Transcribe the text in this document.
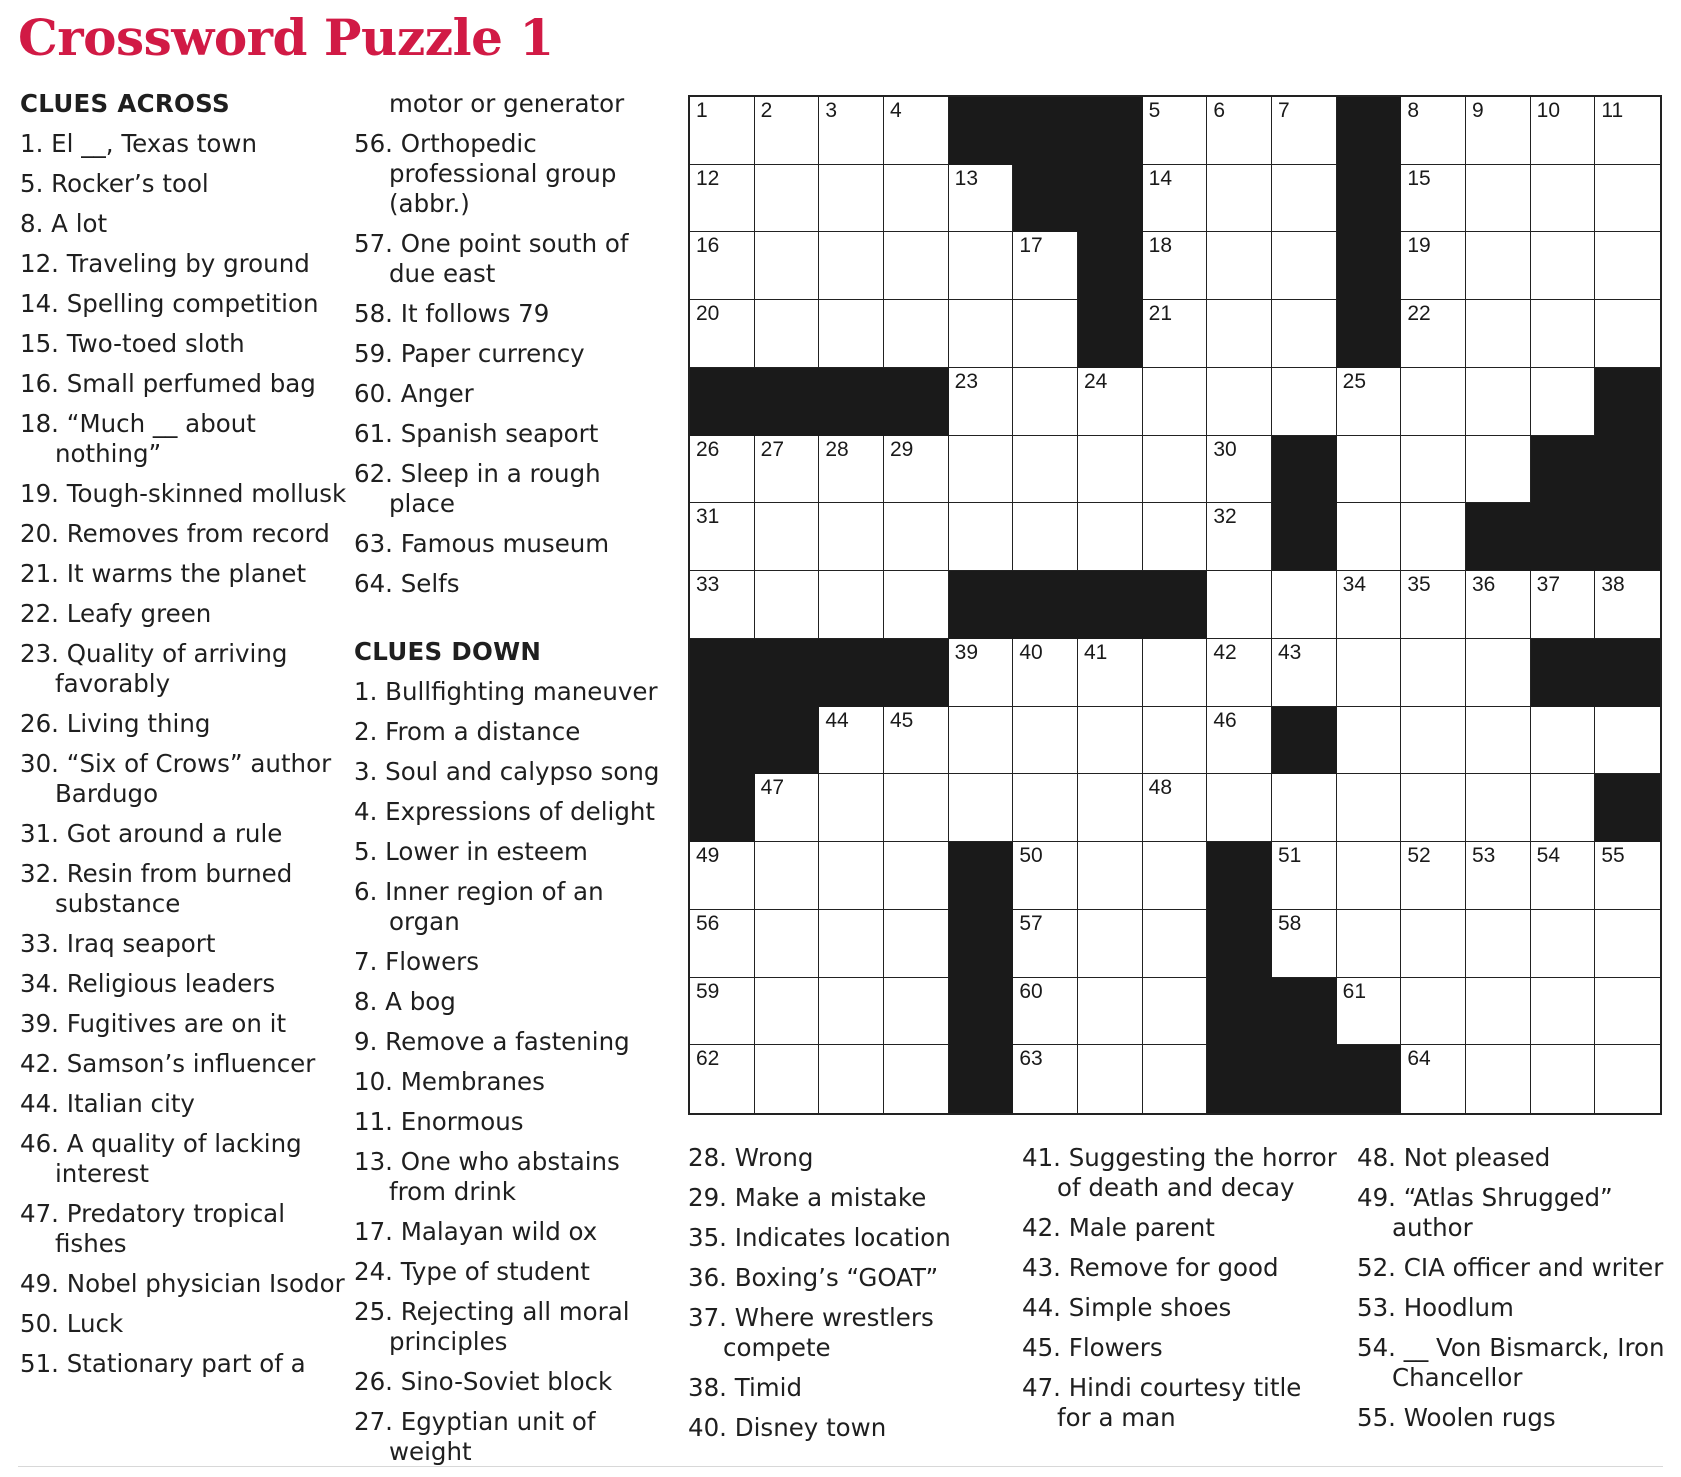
Crossword Puzzle 1
CLUES ACROSS
1. El __, Texas town
5. Rocker’s tool
8. A lot
12. Traveling by ground
14. Spelling competition
15. Two-toed sloth
16. Small perfumed bag
18. “Much __ about nothing”
19. Tough-skinned mollusk
20. Removes from record
21. It warms the planet
22. Leafy green
23. Quality of arriving favorably
26. Living thing
30. “Six of Crows” author Bardugo
31. Got around a rule
32. Resin from burned substance
33. Iraq seaport
34. Religious leaders
39. Fugitives are on it
42. Samson’s influencer
44. Italian city
46. A quality of lacking interest
47. Predatory tropical fishes
49. Nobel physician Isodor
50. Luck
51. Stationary part of a
motor or generator
56. Orthopedic professional group (abbr.)
57. One point south of due east
58. It follows 79
59. Paper currency
60. Anger
61. Spanish seaport
62. Sleep in a rough place
63. Famous museum
64. Selfs
CLUES DOWN
1. Bullfighting maneuver
2. From a distance
3. Soul and calypso song
4. Expressions of delight
5. Lower in esteem
6. Inner region of an organ
7. Flowers
8. A bog
9. Remove a fastening
10. Membranes
11. Enormous
13. One who abstains from drink
17. Malayan wild ox
24. Type of student
25. Rejecting all moral principles
26. Sino-Soviet block
27. Egyptian unit of weight
1	2	3	4	5	6	7	8	9	10 11
12	13	14	15
16	17	18	19
20	21	22
23	24	25
26 27 28 29	30
31	32
33	34 35 36 37 38
39 40 41	42 43
44 45	46
47	48
49	50	51	52 53 54 55
56	57	58
59	60	61
62	63	64
28. Wrong
29. Make a mistake
35. Indicates location
36. Boxing’s “GOAT”
37. Where wrestlers compete
38. Timid
40. Disney town
41. Suggesting the horror of death and decay
42. Male parent
43. Remove for good
44. Simple shoes
45. Flowers
47. Hindi courtesy title for a man
48. Not pleased
49. “Atlas Shrugged” author
52. CIA officer and writer
53. Hoodlum
54. __ Von Bismarck, Iron Chancellor
55. Woolen rugs
